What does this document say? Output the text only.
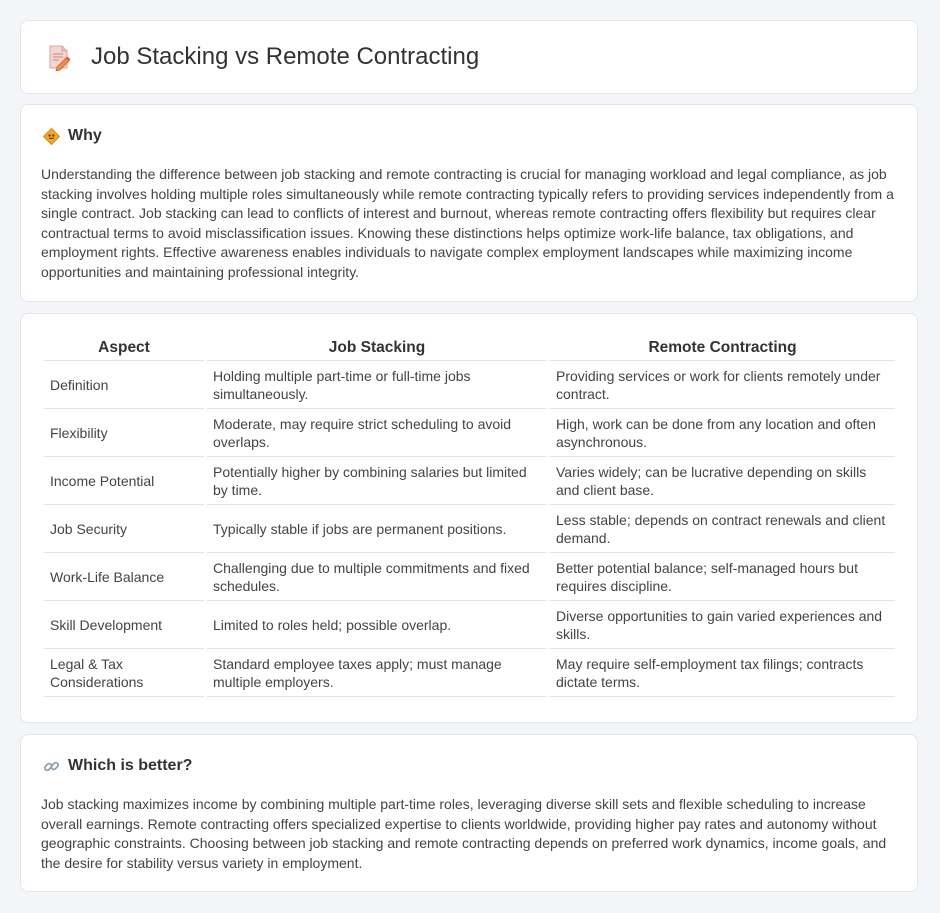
Job Stacking vs Remote Contracting
Why

Understanding the difference between job stacking and remote contracting is crucial for managing workload and legal compliance, as job stacking involves holding multiple roles simultaneously while remote contracting typically refers to providing services independently from a single contract. Job stacking can lead to conflicts of interest and burnout, whereas remote contracting offers flexibility but requires clear contractual terms to avoid misclassification issues. Knowing these distinctions helps optimize work-life balance, tax obligations, and employment rights. Effective awareness enables individuals to navigate complex employment landscapes while maximizing income opportunities and maintaining professional integrity.

Aspect	Job Stacking	Remote Contracting
Definition	Holding multiple part-time or full-time jobs simultaneously.	Providing services or work for clients remotely under contract.
Flexibility	Moderate, may require strict scheduling to avoid overlaps.	High, work can be done from any location and often asynchronous.
Income Potential	Potentially higher by combining salaries but limited by time.	Varies widely; can be lucrative depending on skills and client base.
Job Security	Typically stable if jobs are permanent positions.	Less stable; depends on contract renewals and client demand.
Work-Life Balance	Challenging due to multiple commitments and fixed schedules.	Better potential balance; self-managed hours but requires discipline.
Skill Development	Limited to roles held; possible overlap.	Diverse opportunities to gain varied experiences and skills.
Legal & Tax Considerations	Standard employee taxes apply; must manage multiple employers.	May require self-employment tax filings; contracts dictate terms.
Which is better?

Job stacking maximizes income by combining multiple part-time roles, leveraging diverse skill sets and flexible scheduling to increase overall earnings. Remote contracting offers specialized expertise to clients worldwide, providing higher pay rates and autonomy without geographic constraints. Choosing between job stacking and remote contracting depends on preferred work dynamics, income goals, and the desire for stability versus variety in employment.
